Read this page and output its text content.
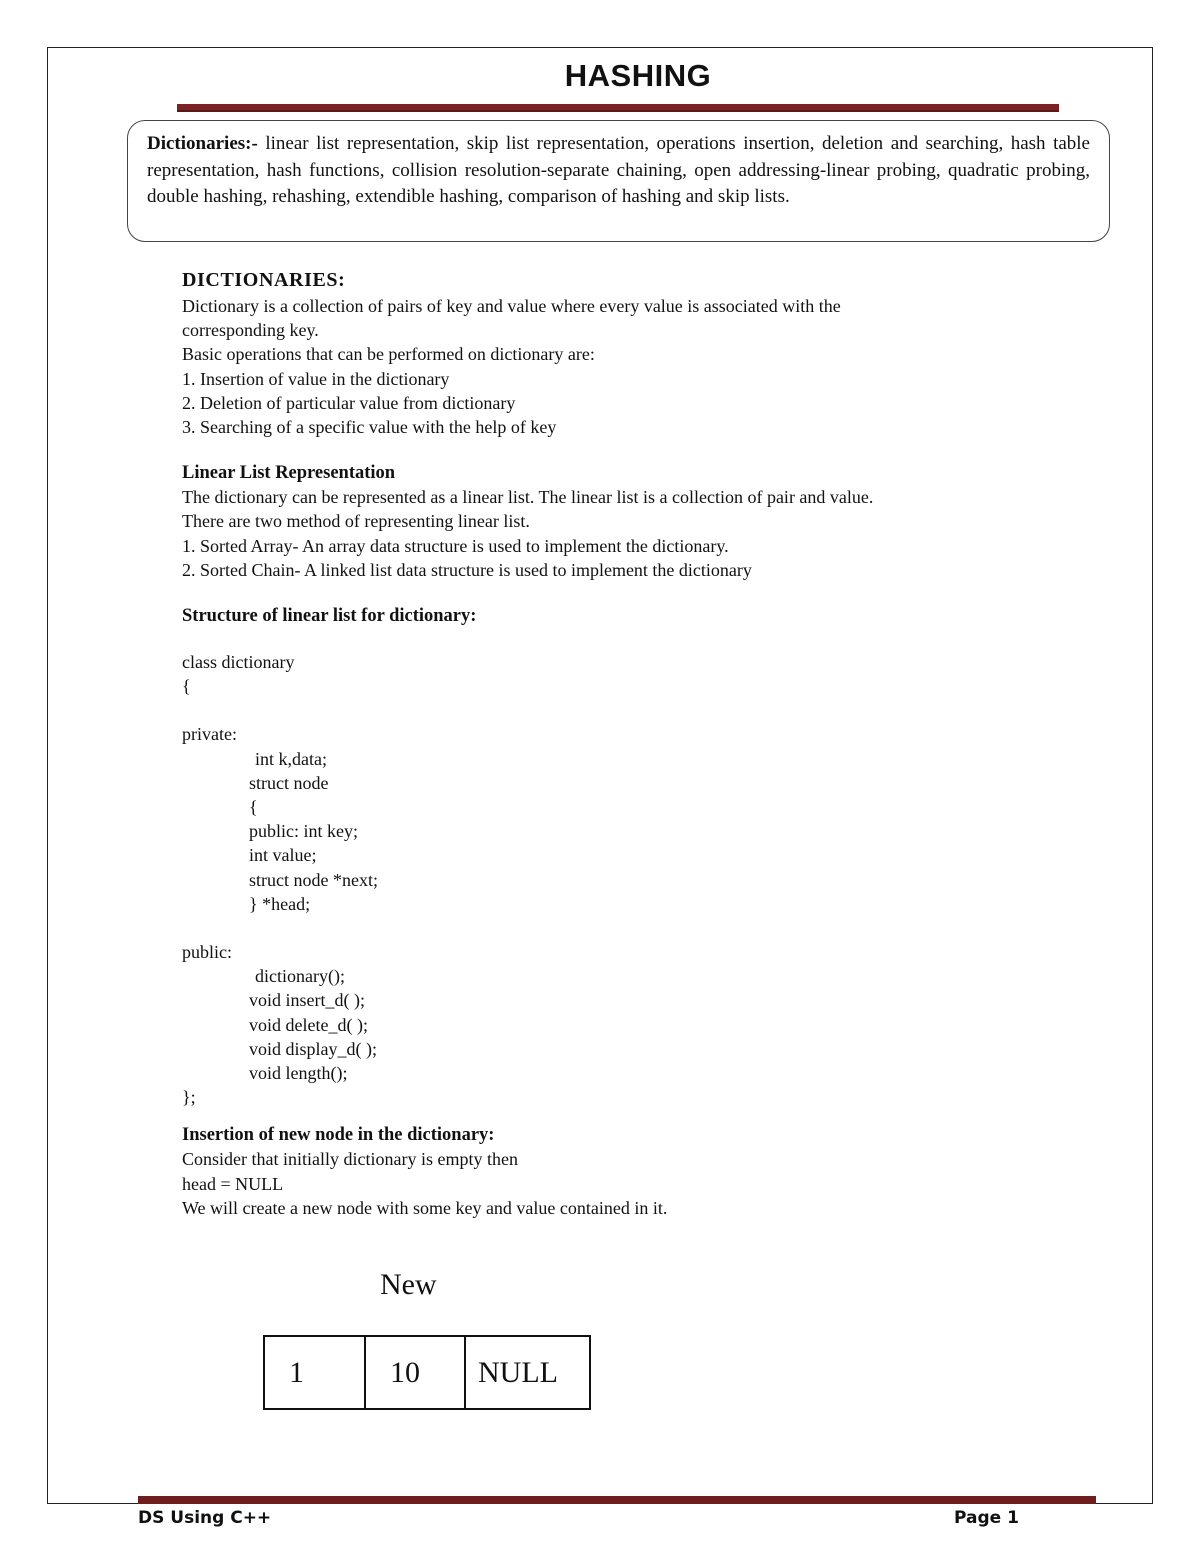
HASHING
Dictionaries:- linear list representation, skip list representation, operations insertion, deletion and searching, hash table representation, hash functions, collision resolution-separate chaining, open addressing-linear probing, quadratic probing, double hashing, rehashing, extendible hashing, comparison of hashing and skip lists.
DICTIONARIES:
Dictionary is a collection of pairs of key and value where every value is associated with the
corresponding key.
Basic operations that can be performed on dictionary are:
1. Insertion of value in the dictionary
2. Deletion of particular value from dictionary
3. Searching of a specific value with the help of key
Linear List Representation
The dictionary can be represented as a linear list. The linear list is a collection of pair and value.
There are two method of representing linear list.
1. Sorted Array- An array data structure is used to implement the dictionary.
2. Sorted Chain- A linked list data structure is used to implement the dictionary
Structure of linear list for dictionary:
class dictionary
{
private:
int k,data;
struct node
{
public: int key;
int value;
struct node *next;
} *head;
public:
dictionary();
void insert_d( );
void delete_d( );
void display_d( );
void length();
};
Insertion of new node in the dictionary:
Consider that initially dictionary is empty then
head = NULL
We will create a new node with some key and value contained in it.
New
1	10	NULL
DS Using C++	Page 1
